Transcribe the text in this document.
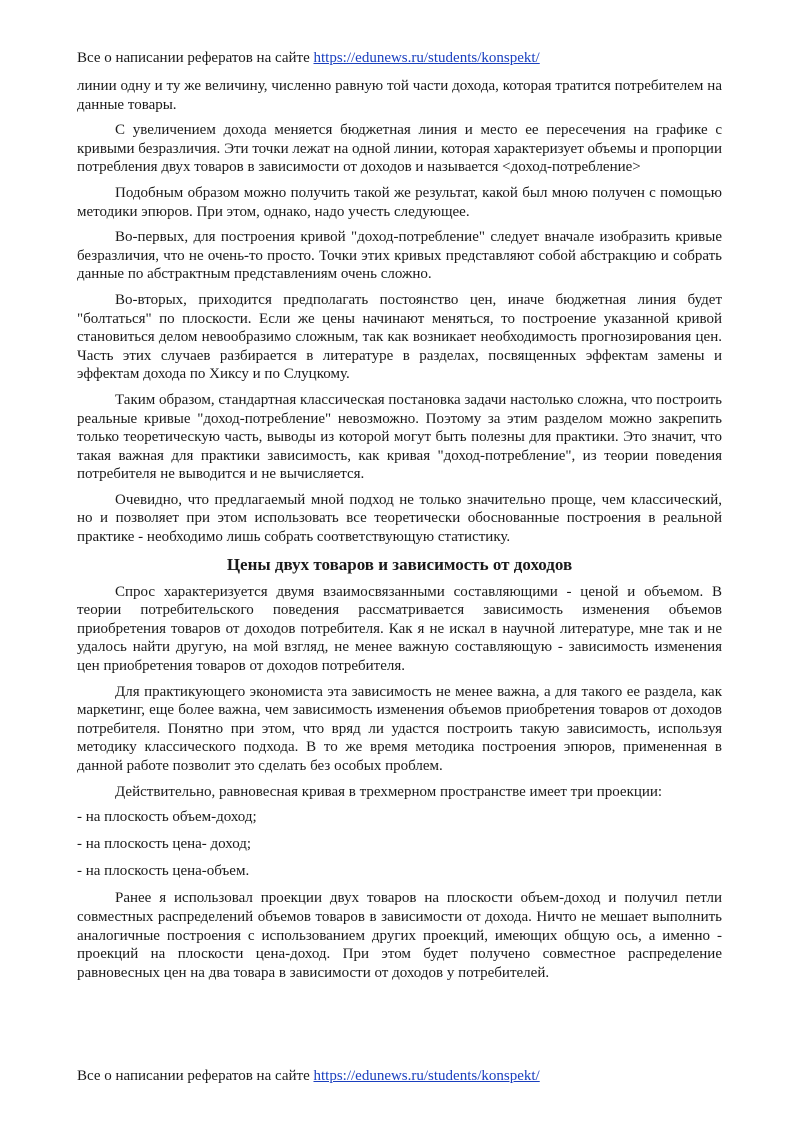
Все о написании рефератов на сайте https://edunews.ru/students/konspekt/

линии одну и ту же величину, численно равную той части дохода, которая тратится потребителем на данные товары.

С увеличением дохода меняется бюджетная линия и место ее пересечения на графике с кривыми безразличия. Эти точки лежат на одной линии, которая характеризует объемы и пропорции потребления двух товаров в зависимости от доходов и называется <доход-потребление>

Подобным образом можно получить такой же результат, какой был мною получен с помощью методики эпюров. При этом, однако, надо учесть следующее.

Во-первых, для построения кривой "доход-потребление" следует вначале изобразить кривые безразличия, что не очень-то просто. Точки этих кривых представляют собой абстракцию и собрать данные по абстрактным представлениям очень сложно.

Во-вторых, приходится предполагать постоянство цен, иначе бюджетная линия будет "болтаться" по плоскости. Если же цены начинают меняться, то построение указанной кривой становиться делом невообразимо сложным, так как возникает необходимость прогнозирования цен. Часть этих случаев разбирается в литературе в разделах, посвященных эффектам замены и эффектам дохода по Хиксу и по Слуцкому.

Таким образом, стандартная классическая постановка задачи настолько сложна, что построить реальные кривые "доход-потребление" невозможно. Поэтому за этим разделом можно закрепить только теоретическую часть, выводы из которой могут быть полезны для практики. Это значит, что такая важная для практики зависимость, как кривая "доход-потребление", из теории поведения потребителя не выводится и не вычисляется.

Очевидно, что предлагаемый мной подход не только значительно проще, чем классический, но и позволяет при этом использовать все теоретически обоснованные построения в реальной практике - необходимо лишь собрать соответствующую статистику.

Цены двух товаров и зависимость от доходов

Спрос характеризуется двумя взаимосвязанными составляющими - ценой и объемом. В теории потребительского поведения рассматривается зависимость изменения объемов приобретения товаров от доходов потребителя. Как я не искал в научной литературе, мне так и не удалось найти другую, на мой взгляд, не менее важную составляющую - зависимость изменения цен приобретения товаров от доходов потребителя.

Для практикующего экономиста эта зависимость не менее важна, а для такого ее раздела, как маркетинг, еще более важна, чем зависимость изменения объемов приобретения товаров от доходов потребителя. Понятно при этом, что вряд ли удастся построить такую зависимость, используя методику классического подхода. В то же время методика построения эпюров, примененная в данной работе позволит это сделать без особых проблем.

Действительно, равновесная кривая в трехмерном пространстве имеет три проекции:

- на плоскость объем-доход;

- на плоскость цена- доход;

- на плоскость цена-объем.

Ранее я использовал проекции двух товаров на плоскости объем-доход и получил петли совместных распределений объемов товаров в зависимости от дохода. Ничто не мешает выполнить аналогичные построения с использованием других проекций, имеющих общую ось, а именно - проекций на плоскости цена-доход. При этом будет получено совместное распределение равновесных цен на два товара в зависимости от доходов у потребителей.

Все о написании рефератов на сайте https://edunews.ru/students/konspekt/
